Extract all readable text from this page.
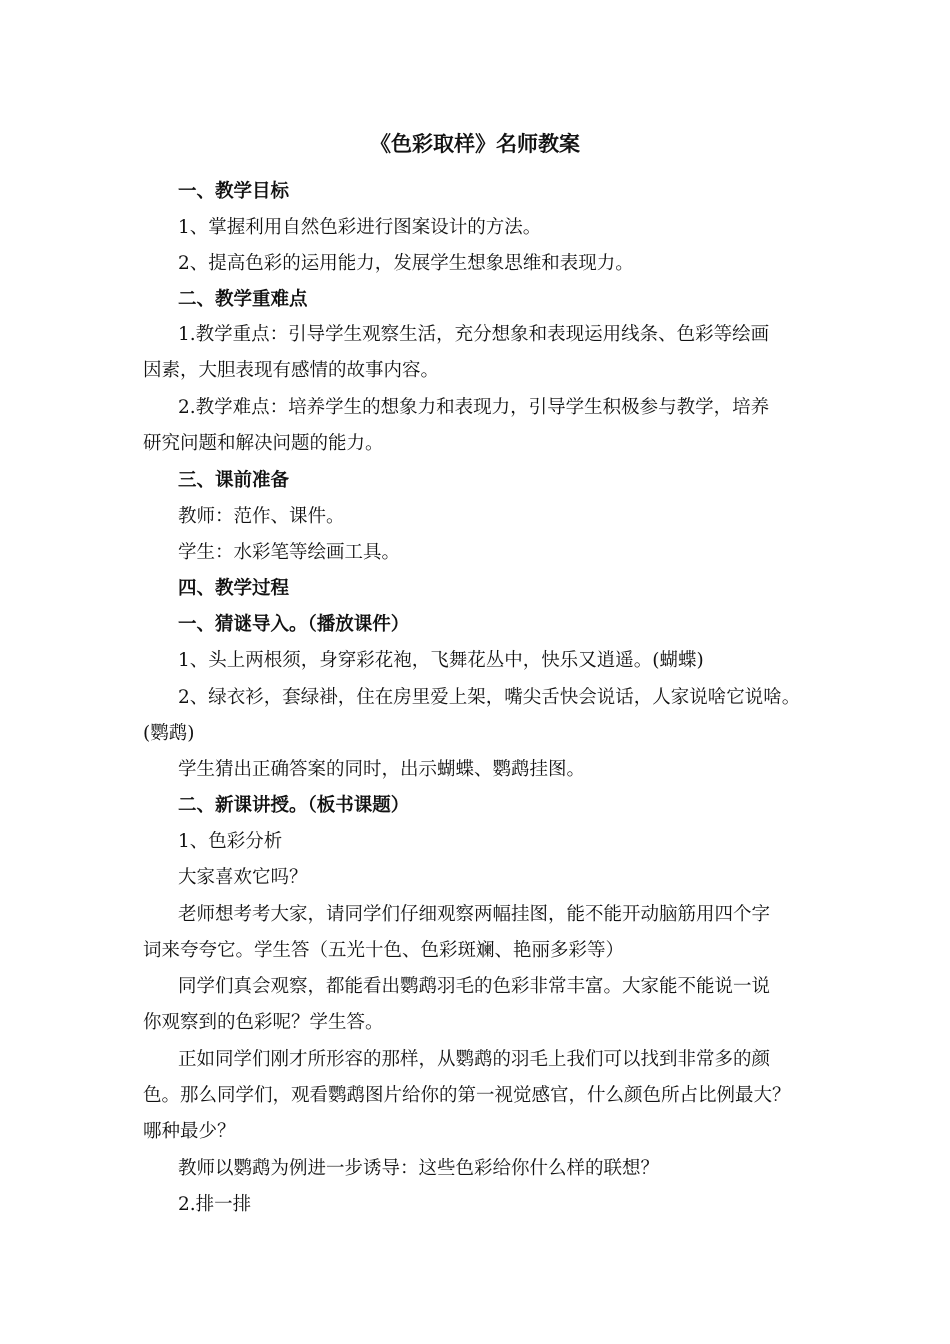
《色彩取样》名师教案
一、教学目标
1、掌握利用自然色彩进行图案设计的方法。
2、提高色彩的运用能力，发展学生想象思维和表现力。
二、教学重难点
1.教学重点：引导学生观察生活，充分想象和表现运用线条、色彩等绘画
因素，大胆表现有感情的故事内容。
2.教学难点：培养学生的想象力和表现力，引导学生积极参与教学，培养
研究问题和解决问题的能力。
三、课前准备
教师：范作、课件。
学生：水彩笔等绘画工具。
四、教学过程
一、猜谜导入。（播放课件）
1、头上两根须，身穿彩花袍，飞舞花丛中，快乐又逍遥。(蝴蝶)
2、绿衣衫，套绿褂，住在房里爱上架，嘴尖舌快会说话，人家说啥它说啥。
(鹦鹉)
学生猜出正确答案的同时，出示蝴蝶、鹦鹉挂图。
二、新课讲授。（板书课题）
1、色彩分析
大家喜欢它吗？
老师想考考大家，请同学们仔细观察两幅挂图，能不能开动脑筋用四个字
词来夸夸它。学生答（五光十色、色彩斑斓、艳丽多彩等）
同学们真会观察，都能看出鹦鹉羽毛的色彩非常丰富。大家能不能说一说
你观察到的色彩呢？学生答。
正如同学们刚才所形容的那样，从鹦鹉的羽毛上我们可以找到非常多的颜
色。那么同学们，观看鹦鹉图片给你的第一视觉感官，什么颜色所占比例最大？
哪种最少？
教师以鹦鹉为例进一步诱导：这些色彩给你什么样的联想？
2.排一排
